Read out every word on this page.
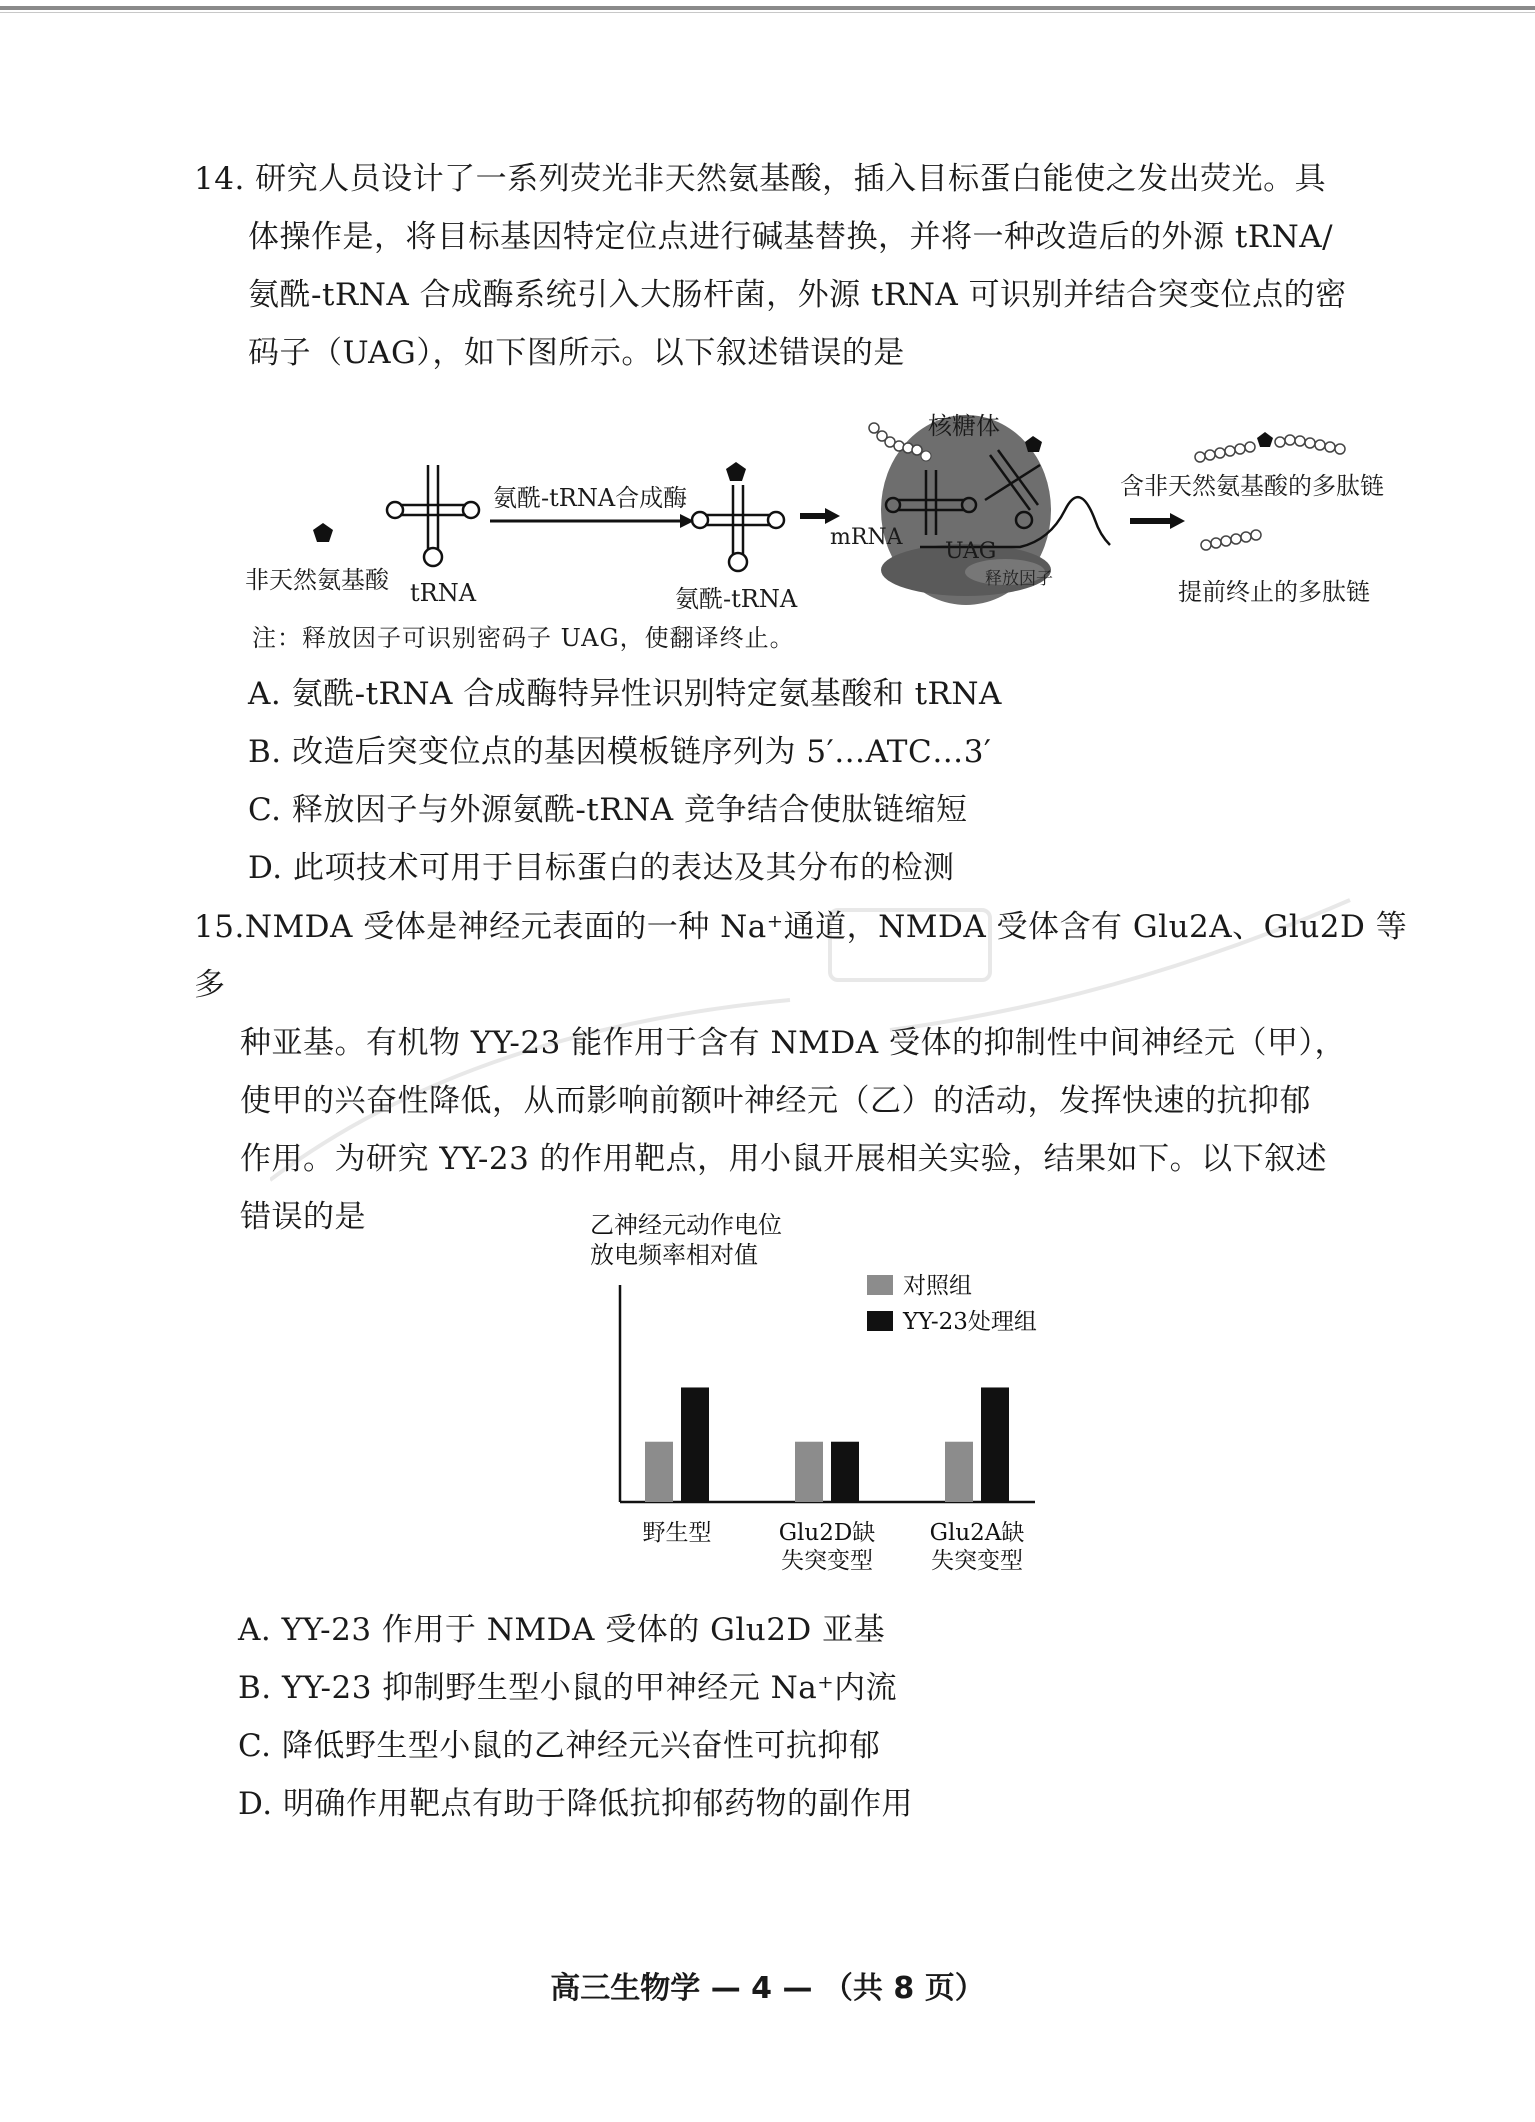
14. 研究人员设计了一系列荧光非天然氨基酸，插入目标蛋白能使之发出荧光。具

体操作是，将目标基因特定位点进行碱基替换，并将一种改造后的外源 tRNA/

氨酰-tRNA 合成酶系统引入大肠杆菌，外源 tRNA 可识别并结合突变位点的密

码子（UAG），如下图所示。以下叙述错误的是

非天然氨基酸 tRNA
氨酰-tRNA合成酶
氨酰-tRNA
核糖体
mRNA
UAG
释放因子
含非天然氨基酸的多肽链
提前终止的多肽链
注：释放因子可识别密码子 UAG，使翻译终止。
A. 氨酰-tRNA 合成酶特异性识别特定氨基酸和 tRNA
B. 改造后突变位点的基因模板链序列为 5′…ATC…3′
C. 释放因子与外源氨酰-tRNA 竞争结合使肽链缩短
D. 此项技术可用于目标蛋白的表达及其分布的检测

15.NMDA 受体是神经元表面的一种 Na⁺通道，NMDA 受体含有 Glu2A、Glu2D 等多

种亚基。有机物 YY-23 能作用于含有 NMDA 受体的抑制性中间神经元（甲），

使甲的兴奋性降低，从而影响前额叶神经元（乙）的活动，发挥快速的抗抑郁

作用。为研究 YY-23 的作用靶点，用小鼠开展相关实验，结果如下。以下叙述

错误的是	乙神经元动作电位
放电频率相对值
野生型	Glu2D缺
失突变型
Glu2A缺
失突变型
对照组
YY-23处理组
A. YY-23 作用于 NMDA 受体的 Glu2D 亚基
B. YY-23 抑制野生型小鼠的甲神经元 Na⁺内流
C. 降低野生型小鼠的乙神经元兴奋性可抗抑郁
D. 明确作用靶点有助于降低抗抑郁药物的副作用
高三生物学 — 4 — （共 8 页）
